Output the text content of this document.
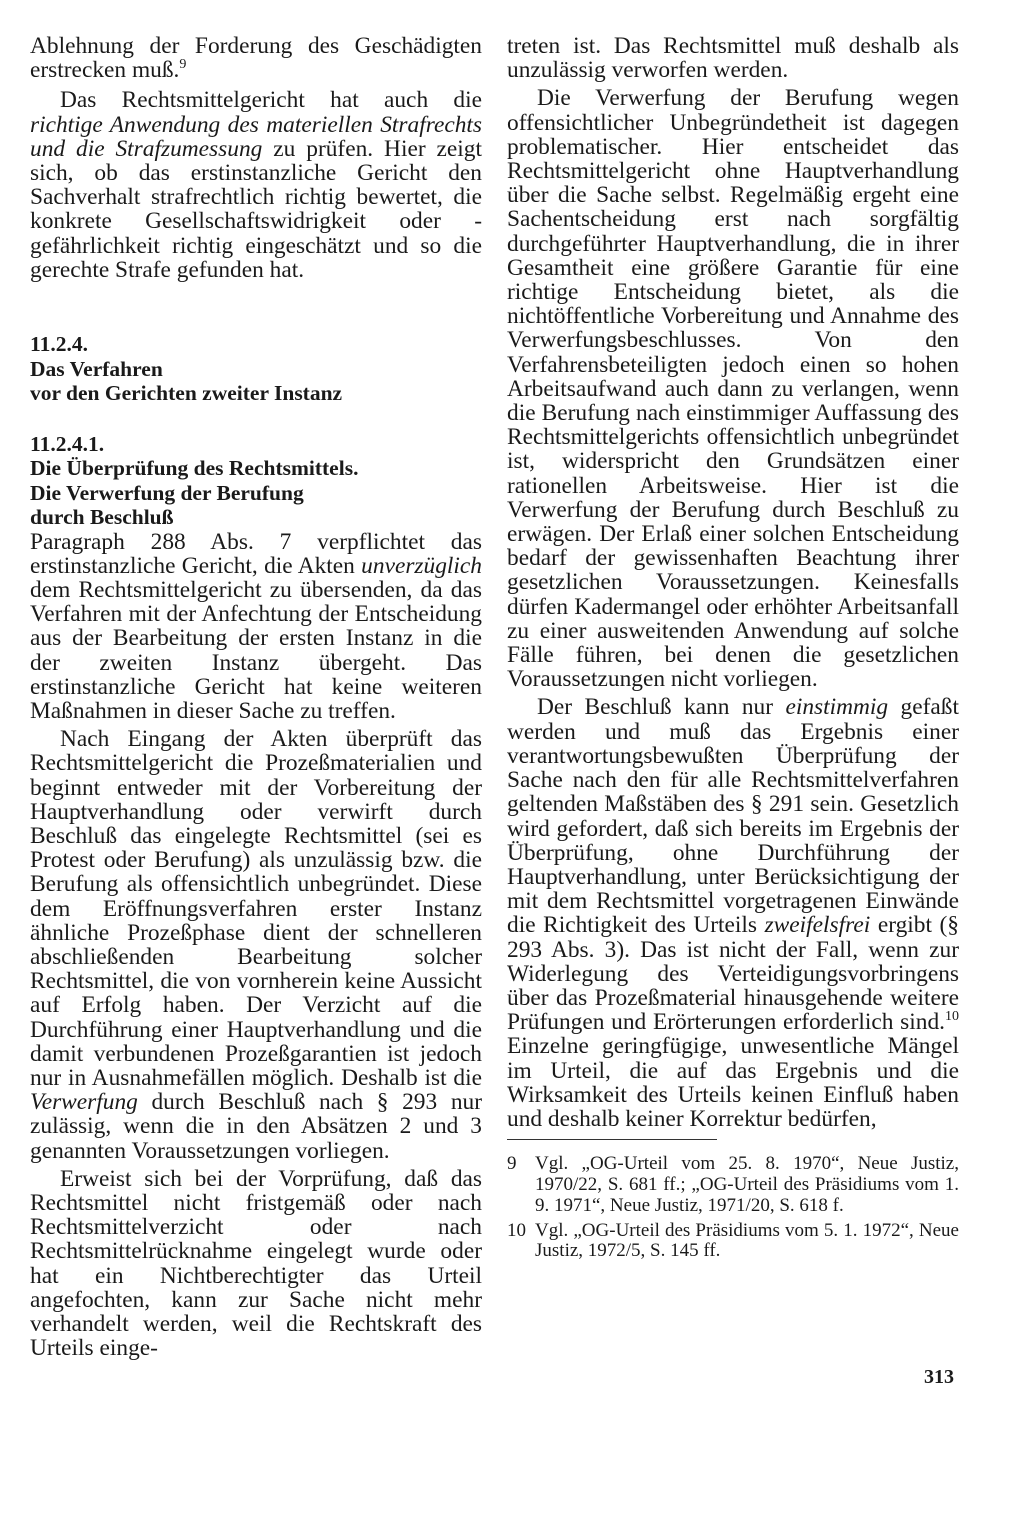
Ablehnung der Forderung des Geschädigten erstrecken muß.$^9$

Das Rechtsmittelgericht hat auch die richtige Anwendung des materiellen Strafrechts und die Strafzumessung zu prüfen. Hier zeigt sich, ob das erstinstanzliche Gericht den Sachverhalt strafrechtlich richtig bewertet, die konkrete Gesellschaftswidrigkeit oder -gefährlichkeit richtig eingeschätzt und so die gerechte Strafe gefunden hat.

11.2.4.
Das Verfahren
vor den Gerichten zweiter Instanz
11.2.4.1.
Die Überprüfung des Rechtsmittels.
Die Verwerfung der Berufung
durch Beschluß

Paragraph 288 Abs. 7 verpflichtet das erstinstanzliche Gericht, die Akten unverzüglich dem Rechtsmittelgericht zu übersenden, da das Verfahren mit der Anfechtung der Entscheidung aus der Bearbeitung der ersten Instanz in die der zweiten Instanz übergeht. Das erstinstanzliche Gericht hat keine weiteren Maßnahmen in dieser Sache zu treffen.

Nach Eingang der Akten überprüft das Rechtsmittelgericht die Prozeßmaterialien und beginnt entweder mit der Vorbereitung der Hauptverhandlung oder verwirft durch Beschluß das eingelegte Rechtsmittel (sei es Protest oder Berufung) als unzulässig bzw. die Berufung als offensichtlich unbegründet. Diese dem Eröffnungsverfahren erster Instanz ähnliche Prozeßphase dient der schnelleren abschließenden Bearbeitung solcher Rechtsmittel, die von vornherein keine Aussicht auf Erfolg haben. Der Verzicht auf die Durchführung einer Hauptverhandlung und die damit verbundenen Prozeßgarantien ist jedoch nur in Ausnahmefällen möglich. Deshalb ist die Verwerfung durch Beschluß nach § 293 nur zulässig, wenn die in den Absätzen 2 und 3 genannten Voraussetzungen vorliegen.

Erweist sich bei der Vorprüfung, daß das Rechtsmittel nicht fristgemäß oder nach Rechtsmittelverzicht oder nach Rechtsmittelrücknahme eingelegt wurde oder hat ein Nichtberechtigter das Urteil angefochten, kann zur Sache nicht mehr verhandelt werden, weil die Rechtskraft des Urteils einge-

treten ist. Das Rechtsmittel muß deshalb als unzulässig verworfen werden.

Die Verwerfung der Berufung wegen offensichtlicher Unbegründetheit ist dagegen problematischer. Hier entscheidet das Rechtsmittelgericht ohne Hauptverhandlung über die Sache selbst. Regelmäßig ergeht eine Sachentscheidung erst nach sorgfältig durchgeführter Hauptverhandlung, die in ihrer Gesamtheit eine größere Garantie für eine richtige Entscheidung bietet, als die nichtöffentliche Vorbereitung und Annahme des Verwerfungsbeschlusses. Von den Verfahrensbeteiligten jedoch einen so hohen Arbeitsaufwand auch dann zu verlangen, wenn die Berufung nach einstimmiger Auffassung des Rechtsmittelgerichts offensichtlich unbegründet ist, widerspricht den Grundsätzen einer rationellen Arbeitsweise. Hier ist die Verwerfung der Berufung durch Beschluß zu erwägen. Der Erlaß einer solchen Entscheidung bedarf der gewissenhaften Beachtung ihrer gesetzlichen Voraussetzungen. Keinesfalls dürfen Kadermangel oder erhöhter Arbeitsanfall zu einer ausweitenden Anwendung auf solche Fälle führen, bei denen die gesetzlichen Voraussetzungen nicht vorliegen.

Der Beschluß kann nur einstimmig gefaßt werden und muß das Ergebnis einer verantwortungsbewußten Überprüfung der Sache nach den für alle Rechtsmittelverfahren geltenden Maßstäben des § 291 sein. Gesetzlich wird gefordert, daß sich bereits im Ergebnis der Überprüfung, ohne Durchführung der Hauptverhandlung, unter Berücksichtigung der mit dem Rechtsmittel vorgetragenen Einwände die Richtigkeit des Urteils zweifelsfrei ergibt (§ 293 Abs. 3). Das ist nicht der Fall, wenn zur Widerlegung des Verteidigungsvorbringens über das Prozeßmaterial hinausgehende weitere Prüfungen und Erörterungen erforderlich sind.$^{10}$ Einzelne geringfügige, unwesentliche Mängel im Urteil, die auf das Ergebnis und die Wirksamkeit des Urteils keinen Einfluß haben und deshalb keiner Korrektur bedürfen,

9 Vgl. „OG-Urteil vom 25. 8. 1970“, Neue Justiz, 1970/22, S. 681 ff.; „OG-Urteil des Präsidiums vom 1. 9. 1971“, Neue Justiz, 1971/20, S. 618 f.
10 Vgl. „OG-Urteil des Präsidiums vom 5. 1. 1972“, Neue Justiz, 1972/5, S. 145 ff.
313
